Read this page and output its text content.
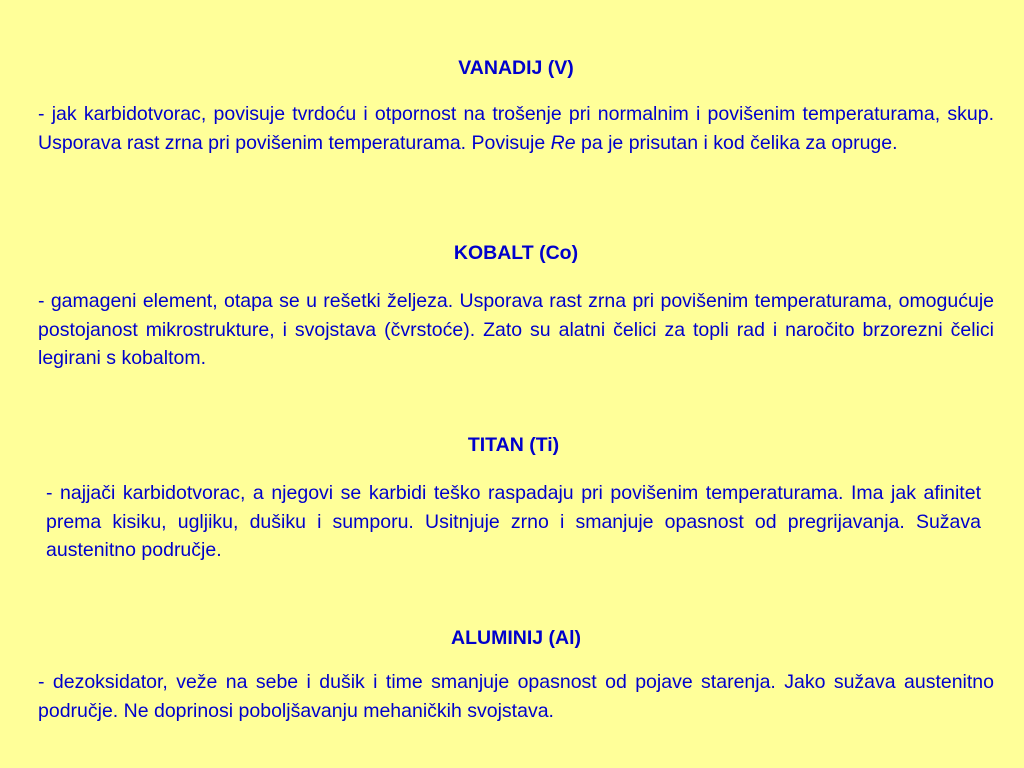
VANADIJ (V)

- jak karbidotvorac, povisuje tvrdoću i otpornost na trošenje pri normalnim i povišenim temperaturama, skup. Usporava rast zrna pri povišenim temperaturama. Povisuje Re pa je prisutan i kod čelika za opruge.

KOBALT (Co)

- gamageni element, otapa se u rešetki željeza. Usporava rast zrna pri povišenim temperaturama, omogućuje postojanost mikrostrukture, i svojstava (čvrstoće). Zato su alatni čelici za topli rad i naročito brzorezni čelici legirani s kobaltom.

TITAN (Ti)

- najjači karbidotvorac, a njegovi se karbidi teško raspadaju pri povišenim temperaturama. Ima jak afinitet prema kisiku, ugljiku, dušiku i sumporu. Usitnjuje zrno i smanjuje opasnost od pregrijavanja. Sužava austenitno područje.

ALUMINIJ (Al)

- dezoksidator, veže na sebe i dušik i time smanjuje opasnost od pojave starenja. Jako sužava austenitno područje. Ne doprinosi poboljšavanju mehaničkih svojstava.
